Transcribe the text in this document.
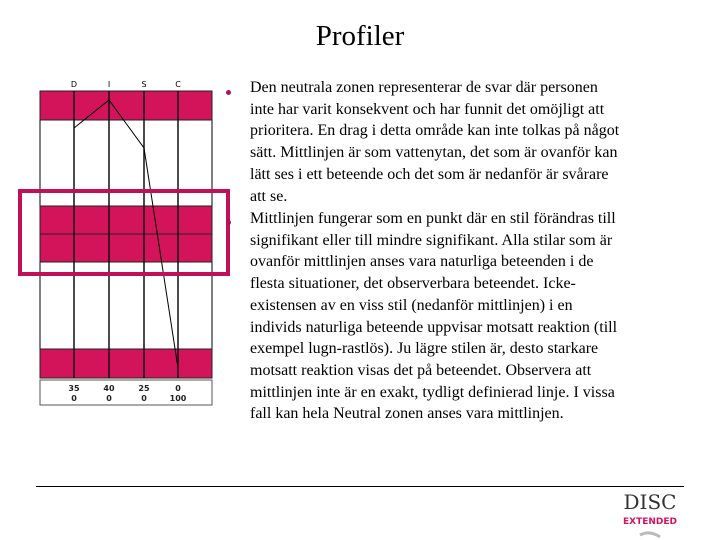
Profiler
D	I	S	C
35	40	25	0
0	0	0	100
Den neutrala zonen representerar de svar där personen
inte har varit konsekvent och har funnit det omöjligt att
prioritera. En drag i detta område kan inte tolkas på något
sätt. Mittlinjen är som vattenytan, det som är ovanför kan
lätt ses i ett beteende och det som är nedanför är svårare
att se.
Mittlinjen fungerar som en punkt där en stil förändras till
signifikant eller till mindre signifikant. Alla stilar som är
ovanför mittlinjen anses vara naturliga beteenden i de
flesta situationer, det observerbara beteendet. Icke-
existensen av en viss stil (nedanför mittlinjen) i en
individs naturliga beteende uppvisar motsatt reaktion (till
exempel lugn-rastlös). Ju lägre stilen är, desto starkare
motsatt reaktion visas det på beteendet. Observera att
mittlinjen inte är en exakt, tydligt definierad linje. I vissa
fall kan hela Neutral zonen anses vara mittlinjen.
DISC
EXTENDED
